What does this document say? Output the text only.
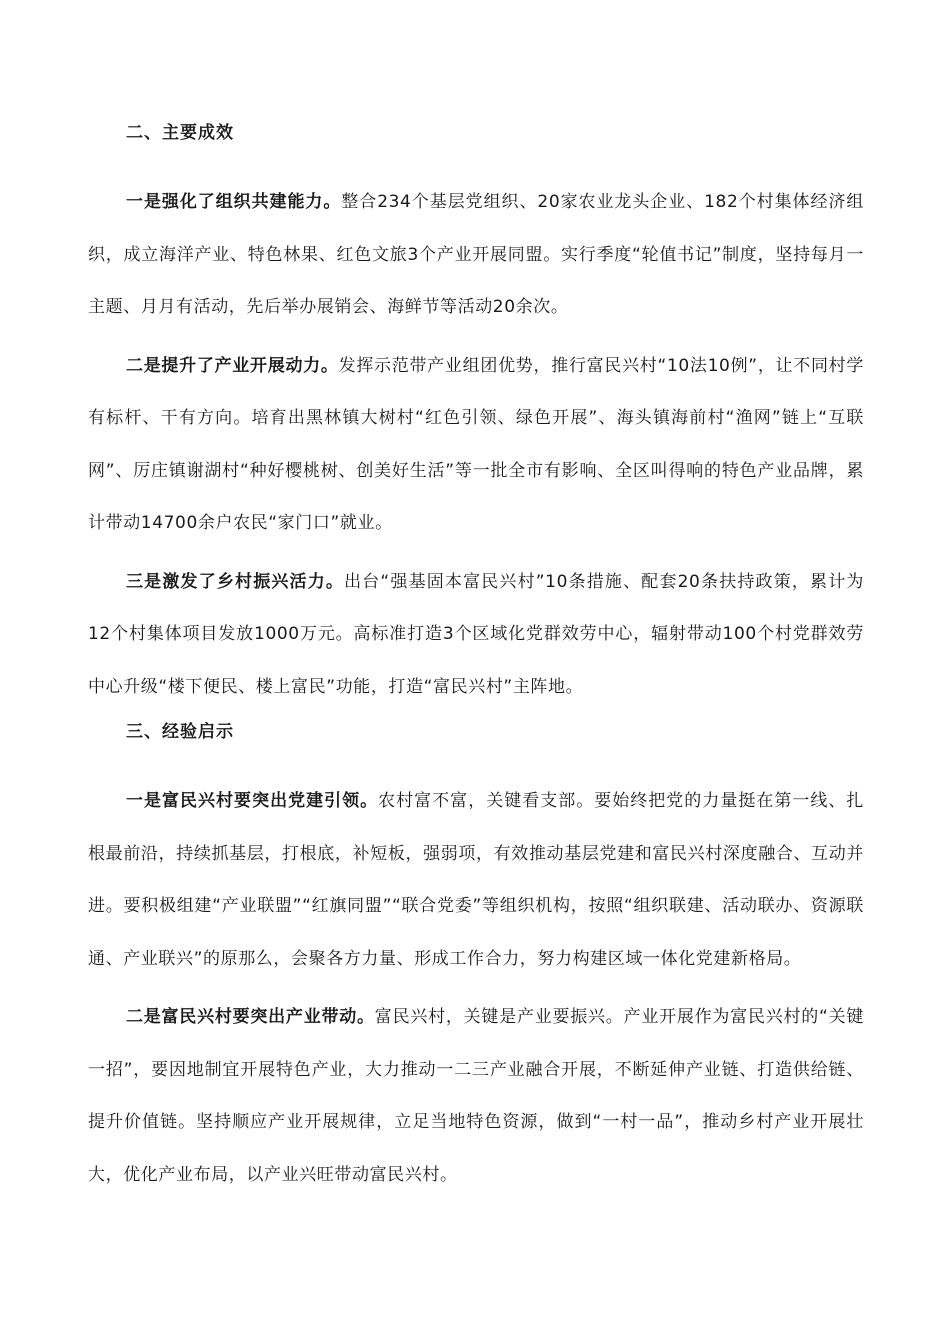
二、主要成效

一是强化了组织共建能力。整合234个基层党组织、20家农业龙头企业、182个村集体经济组织，成立海洋产业、特色林果、红色文旅3个产业开展同盟。实行季度“轮值书记”制度，坚持每月一主题、月月有活动，先后举办展销会、海鲜节等活动20余次。

二是提升了产业开展动力。发挥示范带产业组团优势，推行富民兴村“10法10例”，让不同村学有标杆、干有方向。培育出黑林镇大树村“红色引领、绿色开展”、海头镇海前村“渔网”链上“互联网”、厉庄镇谢湖村“种好樱桃树、创美好生活”等一批全市有影响、全区叫得响的特色产业品牌，累计带动14700余户农民“家门口”就业。

三是激发了乡村振兴活力。出台“强基固本富民兴村”10条措施、配套20条扶持政策，累计为12个村集体项目发放1000万元。高标准打造3个区域化党群效劳中心，辐射带动100个村党群效劳中心升级“楼下便民、楼上富民”功能，打造“富民兴村”主阵地。

三、经验启示

一是富民兴村要突出党建引领。农村富不富，关键看支部。要始终把党的力量挺在第一线、扎根最前沿，持续抓基层，打根底，补短板，强弱项，有效推动基层党建和富民兴村深度融合、互动并进。要积极组建“产业联盟”“红旗同盟”“联合党委”等组织机构，按照“组织联建、活动联办、资源联通、产业联兴”的原那么，会聚各方力量、形成工作合力，努力构建区域一体化党建新格局。

二是富民兴村要突出产业带动。富民兴村，关键是产业要振兴。产业开展作为富民兴村的“关键一招”，要因地制宜开展特色产业，大力推动一二三产业融合开展，不断延伸产业链、打造供给链、提升价值链。坚持顺应产业开展规律，立足当地特色资源，做到“一村一品”，推动乡村产业开展壮大，优化产业布局，以产业兴旺带动富民兴村。
